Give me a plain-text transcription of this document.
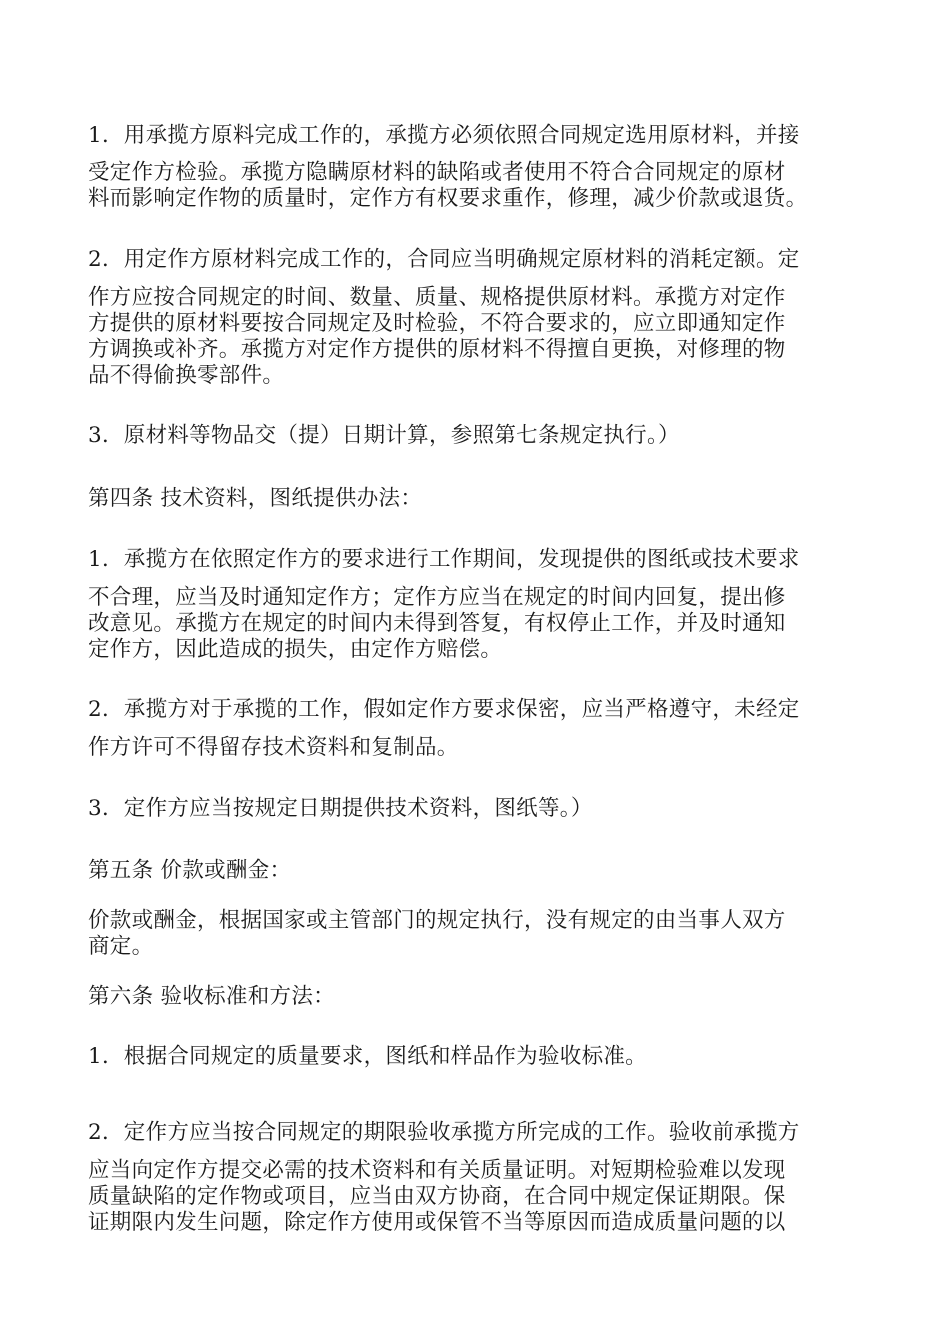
1．用承揽方原料完成工作的，承揽方必须依照合同规定选用原材料，并接

受定作方检验。承揽方隐瞒原材料的缺陷或者使用不符合合同规定的原材
料而影响定作物的质量时，定作方有权要求重作，修理，减少价款或退货。

2．用定作方原材料完成工作的，合同应当明确规定原材料的消耗定额。定

作方应按合同规定的时间、数量、质量、规格提供原材料。承揽方对定作
方提供的原材料要按合同规定及时检验，不符合要求的，应立即通知定作
方调换或补齐。承揽方对定作方提供的原材料不得擅自更换，对修理的物
品不得偷换零部件。

3．原材料等物品交（提）日期计算，参照第七条规定执行。）

第四条 技术资料，图纸提供办法：

1．承揽方在依照定作方的要求进行工作期间，发现提供的图纸或技术要求

不合理，应当及时通知定作方；定作方应当在规定的时间内回复，提出修
改意见。承揽方在规定的时间内未得到答复，有权停止工作，并及时通知
定作方，因此造成的损失，由定作方赔偿。

2．承揽方对于承揽的工作，假如定作方要求保密，应当严格遵守，未经定

作方许可不得留存技术资料和复制品。

3．定作方应当按规定日期提供技术资料，图纸等。）

第五条 价款或酬金：

价款或酬金，根据国家或主管部门的规定执行，没有规定的由当事人双方
商定。

第六条 验收标准和方法：

1．根据合同规定的质量要求，图纸和样品作为验收标准。

2．定作方应当按合同规定的期限验收承揽方所完成的工作。验收前承揽方

应当向定作方提交必需的技术资料和有关质量证明。对短期检验难以发现
质量缺陷的定作物或项目，应当由双方协商，在合同中规定保证期限。保
证期限内发生问题，除定作方使用或保管不当等原因而造成质量问题的以
